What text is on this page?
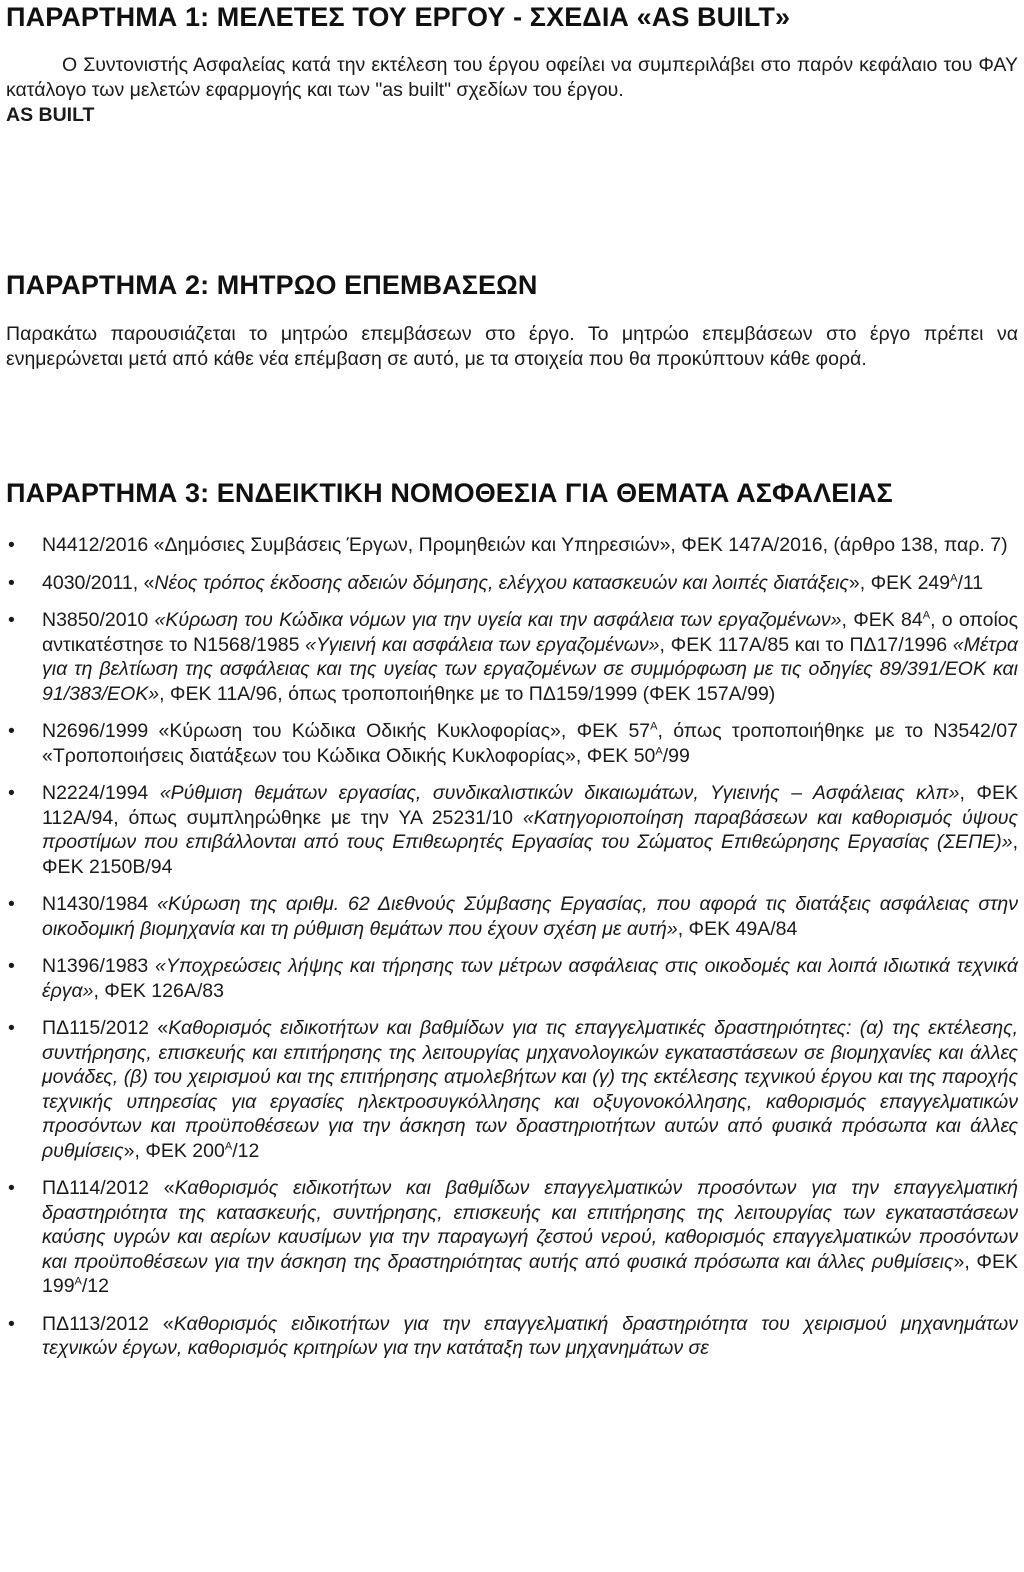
ΠΑΡΑΡΤΗΜΑ 1: ΜΕΛΕΤΕΣ ΤΟΥ ΕΡΓΟΥ - ΣΧΕΔΙΑ «AS BUILT»

Ο Συντονιστής Ασφαλείας κατά την εκτέλεση του έργου οφείλει να συμπεριλάβει στο παρόν κεφάλαιο του ΦΑΥ κατάλογο των μελετών εφαρμογής και των "as built" σχεδίων του έργου.

AS BUILT

ΠΑΡΑΡΤΗΜΑ 2: ΜΗΤΡΩΟ ΕΠΕΜΒΑΣΕΩΝ

Παρακάτω παρουσιάζεται το μητρώο επεμβάσεων στο έργο. Το μητρώο επεμβάσεων στο έργο πρέπει να ενημερώνεται μετά από κάθε νέα επέμβαση σε αυτό, με τα στοιχεία που θα προκύπτουν κάθε φορά.

ΠΑΡΑΡΤΗΜΑ 3: ΕΝΔΕΙΚΤΙΚΗ ΝΟΜΟΘΕΣΙΑ ΓΙΑ ΘΕΜΑΤΑ ΑΣΦΑΛΕΙΑΣ
• Ν4412/2016 «Δημόσιες Συμβάσεις Έργων, Προμηθειών και Υπηρεσιών», ΦΕΚ 147Α/2016, (άρθρο 138, παρ. 7)
• 4030/2011, «Νέος τρόπος έκδοσης αδειών δόμησης, ελέγχου κατασκευών και λοιπές διατάξεις», ΦΕΚ $249^A/11$
• Ν3850/2010 «Κύρωση του Κώδικα νόμων για την υγεία και την ασφάλεια των εργαζομένων», ΦΕΚ $84^A$, ο οποίος αντικατέστησε το Ν1568/1985 «Υγιεινή και ασφάλεια των εργαζομένων», ΦΕΚ 117Α/85 και το ΠΔ17/1996 «Μέτρα για τη βελτίωση της ασφάλειας και της υγείας των εργαζομένων σε συμμόρφωση με τις οδηγίες 89/391/ΕΟΚ και 91/383/ΕΟΚ», ΦΕΚ 11Α/96, όπως τροποποιήθηκε με το ΠΔ159/1999 (ΦΕΚ 157Α/99)
• Ν2696/1999 «Κύρωση του Κώδικα Οδικής Κυκλοφορίας», ΦΕΚ $57^A$, όπως τροποποιήθηκε με το Ν3542/07 «Τροποποιήσεις διατάξεων του Κώδικα Οδικής Κυκλοφορίας», ΦΕΚ $50^A/99$
• Ν2224/1994 «Ρύθμιση θεμάτων εργασίας, συνδικαλιστικών δικαιωμάτων, Υγιεινής – Ασφάλειας κλπ», ΦΕΚ 112Α/94, όπως συμπληρώθηκε με την ΥΑ 25231/10 «Κατηγοριοποίηση παραβάσεων και καθορισμός ύψους προστίμων που επιβάλλονται από τους Επιθεωρητές Εργασίας του Σώματος Επιθεώρησης Εργασίας (ΣΕΠΕ)», ΦΕΚ 2150Β/94
• Ν1430/1984 «Κύρωση της αριθμ. 62 Διεθνούς Σύμβασης Εργασίας, που αφορά τις διατάξεις ασφάλειας στην οικοδομική βιομηχανία και τη ρύθμιση θεμάτων που έχουν σχέση με αυτή», ΦΕΚ 49Α/84
• Ν1396/1983 «Υποχρεώσεις λήψης και τήρησης των μέτρων ασφάλειας στις οικοδομές και λοιπά ιδιωτικά τεχνικά έργα», ΦΕΚ 126Α/83
• ΠΔ115/2012 «Καθορισμός ειδικοτήτων και βαθμίδων για τις επαγγελματικές δραστηριότητες: (α) της εκτέλεσης, συντήρησης, επισκευής και επιτήρησης της λειτουργίας μηχανολογικών εγκαταστάσεων σε βιομηχανίες και άλλες μονάδες, (β) του χειρισμού και της επιτήρησης ατμολεβήτων και (γ) της εκτέλεσης τεχνικού έργου και της παροχής τεχνικής υπηρεσίας για εργασίες ηλεκτροσυγκόλλησης και οξυγονοκόλλησης, καθορισμός επαγγελματικών προσόντων και προϋποθέσεων για την άσκηση των δραστηριοτήτων αυτών από φυσικά πρόσωπα και άλλες ρυθμίσεις», ΦΕΚ $200^A/12$
• ΠΔ114/2012 «Καθορισμός ειδικοτήτων και βαθμίδων επαγγελματικών προσόντων για την επαγγελματική δραστηριότητα της κατασκευής, συντήρησης, επισκευής και επιτήρησης της λειτουργίας των εγκαταστάσεων καύσης υγρών και αερίων καυσίμων για την παραγωγή ζεστού νερού, καθορισμός επαγγελματικών προσόντων και προϋποθέσεων για την άσκηση της δραστηριότητας αυτής από φυσικά πρόσωπα και άλλες ρυθμίσεις», ΦΕΚ $199^A/12$
• ΠΔ113/2012 «Καθορισμός ειδικοτήτων για την επαγγελματική δραστηριότητα του χειρισμού μηχανημάτων τεχνικών έργων, καθορισμός κριτηρίων για την κατάταξη των μηχανημάτων σε
